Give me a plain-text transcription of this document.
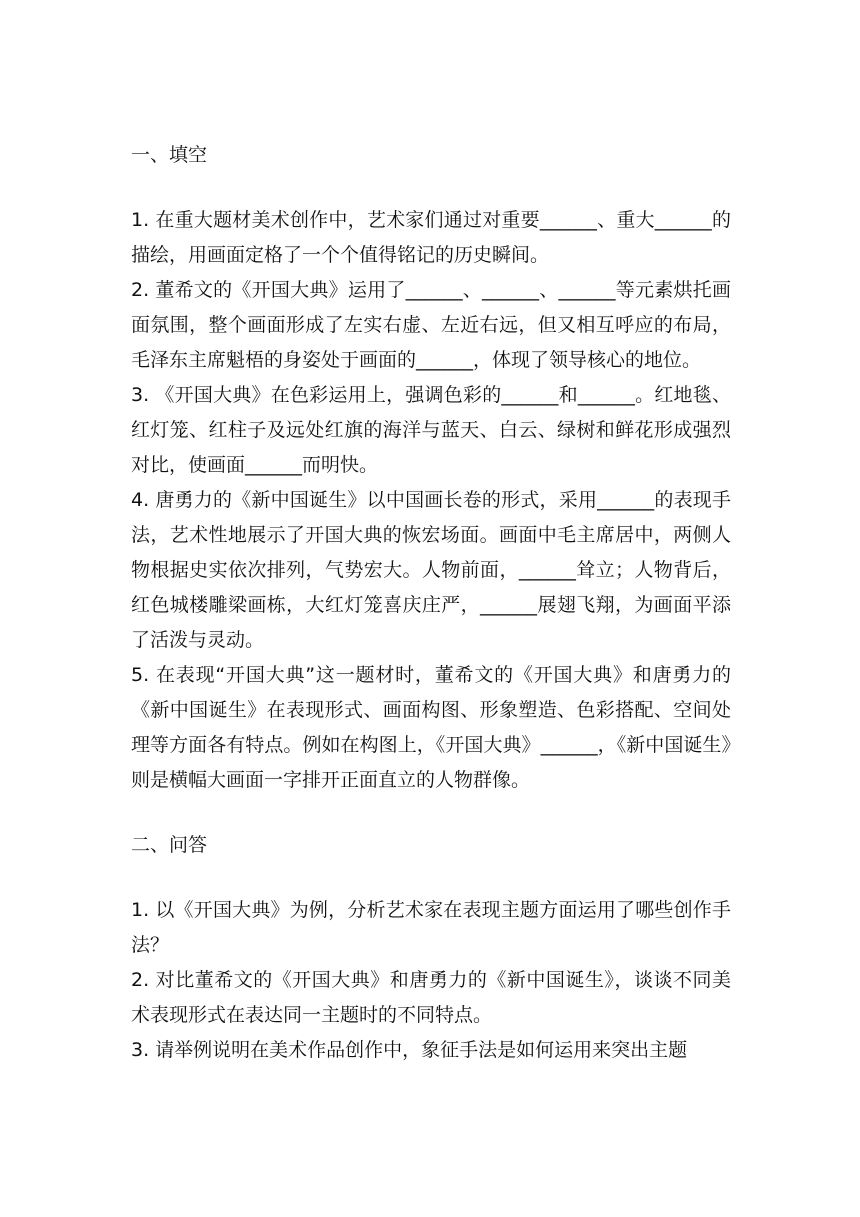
一、填空

1. 在重大题材美术创作中，艺术家们通过对重要______、重大______的描绘，用画面定格了一个个值得铭记的历史瞬间。

2. 董希文的《开国大典》运用了______、______、______等元素烘托画面氛围，整个画面形成了左实右虚、左近右远，但又相互呼应的布局，毛泽东主席魁梧的身姿处于画面的______，体现了领导核心的地位。

3. 《开国大典》在色彩运用上，强调色彩的______和______。红地毯、红灯笼、红柱子及远处红旗的海洋与蓝天、白云、绿树和鲜花形成强烈对比，使画面______而明快。

4. 唐勇力的《新中国诞生》以中国画长卷的形式，采用______的表现手法，艺术性地展示了开国大典的恢宏场面。画面中毛主席居中，两侧人物根据史实依次排列，气势宏大。人物前面，______耸立；人物背后，红色城楼雕梁画栋，大红灯笼喜庆庄严，______展翅飞翔，为画面平添了活泼与灵动。

5. 在表现“开国大典”这一题材时，董希文的《开国大典》和唐勇力的《新中国诞生》在表现形式、画面构图、形象塑造、色彩搭配、空间处理等方面各有特点。例如在构图上，《开国大典》______，《新中国诞生》则是横幅大画面一字排开正面直立的人物群像。

二、问答

1. 以《开国大典》为例，分析艺术家在表现主题方面运用了哪些创作手法？

2. 对比董希文的《开国大典》和唐勇力的《新中国诞生》，谈谈不同美术表现形式在表达同一主题时的不同特点。

3. 请举例说明在美术作品创作中，象征手法是如何运用来突出主题
